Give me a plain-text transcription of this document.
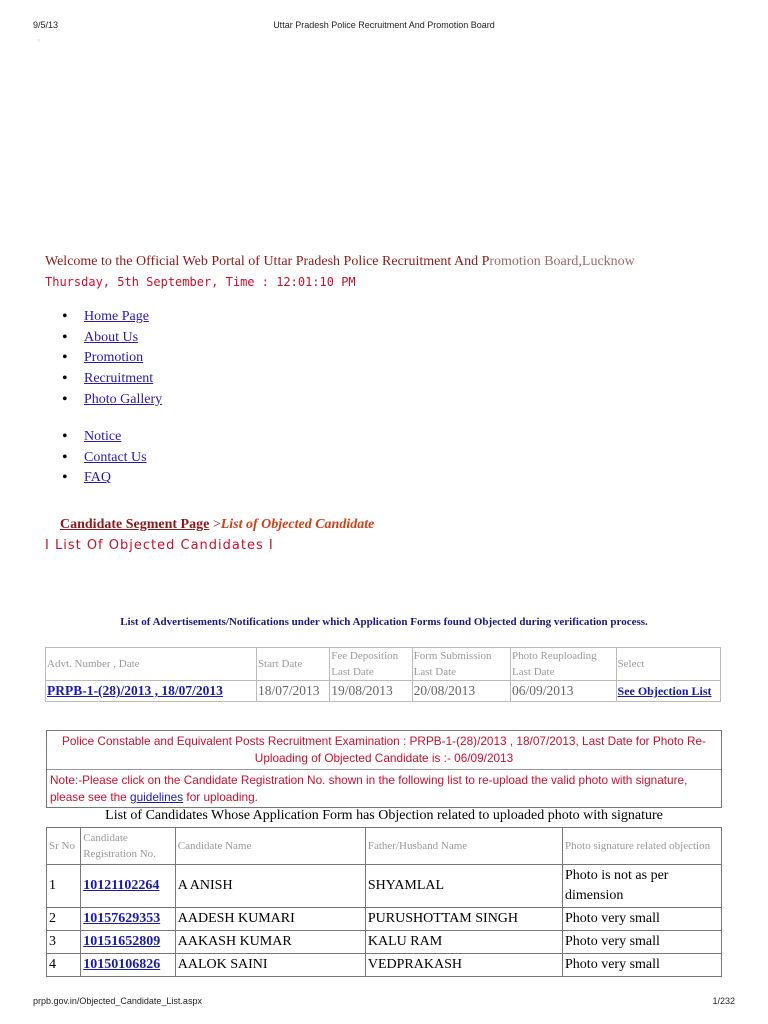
9/5/13	Uttar Pradesh Police Recruitment And Promotion Board
▫
Welcome to the Official Web Portal of Uttar Pradesh Police Recruitment And Promotion Board,Lucknow
Thursday, 5th September, Time : 12:01:10 PM
• Home Page
• About Us
• Promotion
• Recruitment
• Photo Gallery
• Notice
• Contact Us
• FAQ
Candidate Segment Page >List of Objected Candidate
I List Of Objected Candidates I
List of Advertisements/Notifications under which Application Forms found Objected during verification process.
Advt. Number , Date	Start Date	Fee Deposition Last Date	Form Submission Last Date	Photo Reuploading Last Date	Select
PRPB-1-(28)/2013 , 18/07/2013	18/07/2013	19/08/2013	20/08/2013	06/09/2013	See Objection List
Police Constable and Equivalent Posts Recruitment Examination : PRPB-1-(28)/2013 , 18/07/2013, Last Date for Photo Re-Uploading of Objected Candidate is :- 06/09/2013
Note:-Please click on the Candidate Registration No. shown in the following list to re-upload the valid photo with signature, please see the guidelines for uploading.
List of Candidates Whose Application Form has Objection related to uploaded photo with signature
Sr No	Candidate Registration No.	Candidate Name	Father/Husband Name	Photo signature related objection
1	10121102264	A ANISH	SHYAMLAL	Photo is not as per dimension
2	10157629353	AADESH KUMARI	PURUSHOTTAM SINGH	Photo very small
3	10151652809	AAKASH KUMAR	KALU RAM	Photo very small
4	10150106826	AALOK SAINI	VEDPRAKASH	Photo very small
prpb.gov.in/Objected_Candidate_List.aspx	1/232
